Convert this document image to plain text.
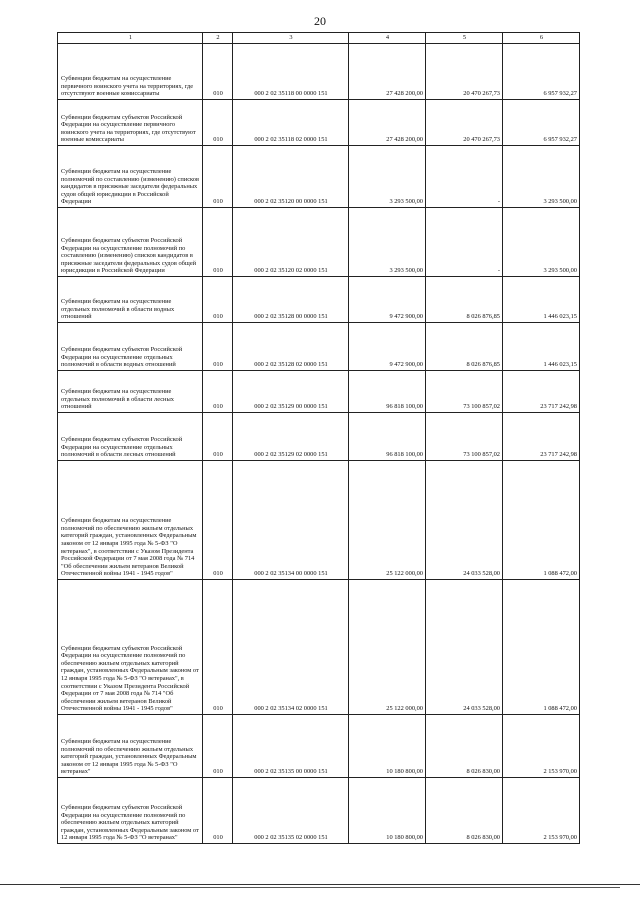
20
1	2	3	4	5	6
Субвенции бюджетам на осуществление первичного воинского учета на территориях, где отсутствуют военные комиссариаты	010	000 2 02 35118 00 0000 151	27 428 200,00	20 470 267,73	6 957 932,27
Субвенции бюджетам субъектов Российской Федерации на осуществление первичного воинского учета на территориях, где отсутствуют военные комиссариаты	010	000 2 02 35118 02 0000 151	27 428 200,00	20 470 267,73	6 957 932,27
Субвенции бюджетам на осуществление полномочий по составлению (изменению) списков кандидатов в присяжные заседатели федеральных судов общей юрисдикции в Российской Федерации	010	000 2 02 35120 00 0000 151	3 293 500,00	-	3 293 500,00
Субвенции бюджетам субъектов Российской Федерации на осуществление полномочий по составлению (изменению) списков кандидатов в присяжные заседатели федеральных судов общей юрисдикции в Российской Федерации	010	000 2 02 35120 02 0000 151	3 293 500,00	-	3 293 500,00
Субвенции бюджетам на осуществление отдельных полномочий в области водных отношений	010	000 2 02 35128 00 0000 151	9 472 900,00	8 026 876,85	1 446 023,15
Субвенции бюджетам субъектов Российской Федерации на осуществление отдельных полномочий в области водных отношений	010	000 2 02 35128 02 0000 151	9 472 900,00	8 026 876,85	1 446 023,15
Субвенции бюджетам на осуществление отдельных полномочий в области лесных отношений	010	000 2 02 35129 00 0000 151	96 818 100,00	73 100 857,02	23 717 242,98
Субвенции бюджетам субъектов Российской Федерации на осуществление отдельных полномочий в области лесных отношений	010	000 2 02 35129 02 0000 151	96 818 100,00	73 100 857,02	23 717 242,98
Субвенции бюджетам на осуществление полномочий по обеспечению жильем отдельных категорий граждан, установленных Федеральным законом от 12 января 1995 года № 5-ФЗ "О ветеранах", в соответствии с Указом Президента Российской Федерации от 7 мая 2008 года № 714 "Об обеспечении жильем ветеранов Великой Отечественной войны 1941 - 1945 годов"	010	000 2 02 35134 00 0000 151	25 122 000,00	24 033 528,00	1 088 472,00
Субвенции бюджетам субъектов Российской Федерации на осуществление полномочий по обеспечению жильем отдельных категорий граждан, установленных Федеральным законом от 12 января 1995 года № 5-ФЗ "О ветеранах", в соответствии с Указом Президента Российской Федерации от 7 мая 2008 года № 714 "Об обеспечении жильем ветеранов Великой Отечественной войны 1941 - 1945 годов"	010	000 2 02 35134 02 0000 151	25 122 000,00	24 033 528,00	1 088 472,00
Субвенции бюджетам на осуществление полномочий по обеспечению жильем отдельных категорий граждан, установленных Федеральным законом от 12 января 1995 года № 5-ФЗ "О ветеранах"	010	000 2 02 35135 00 0000 151	10 180 800,00	8 026 830,00	2 153 970,00
Субвенции бюджетам субъектов Российской Федерации на осуществление полномочий по обеспечению жильем отдельных категорий граждан, установленных Федеральным законом от 12 января 1995 года № 5-ФЗ "О ветеранах"	010	000 2 02 35135 02 0000 151	10 180 800,00	8 026 830,00	2 153 970,00
